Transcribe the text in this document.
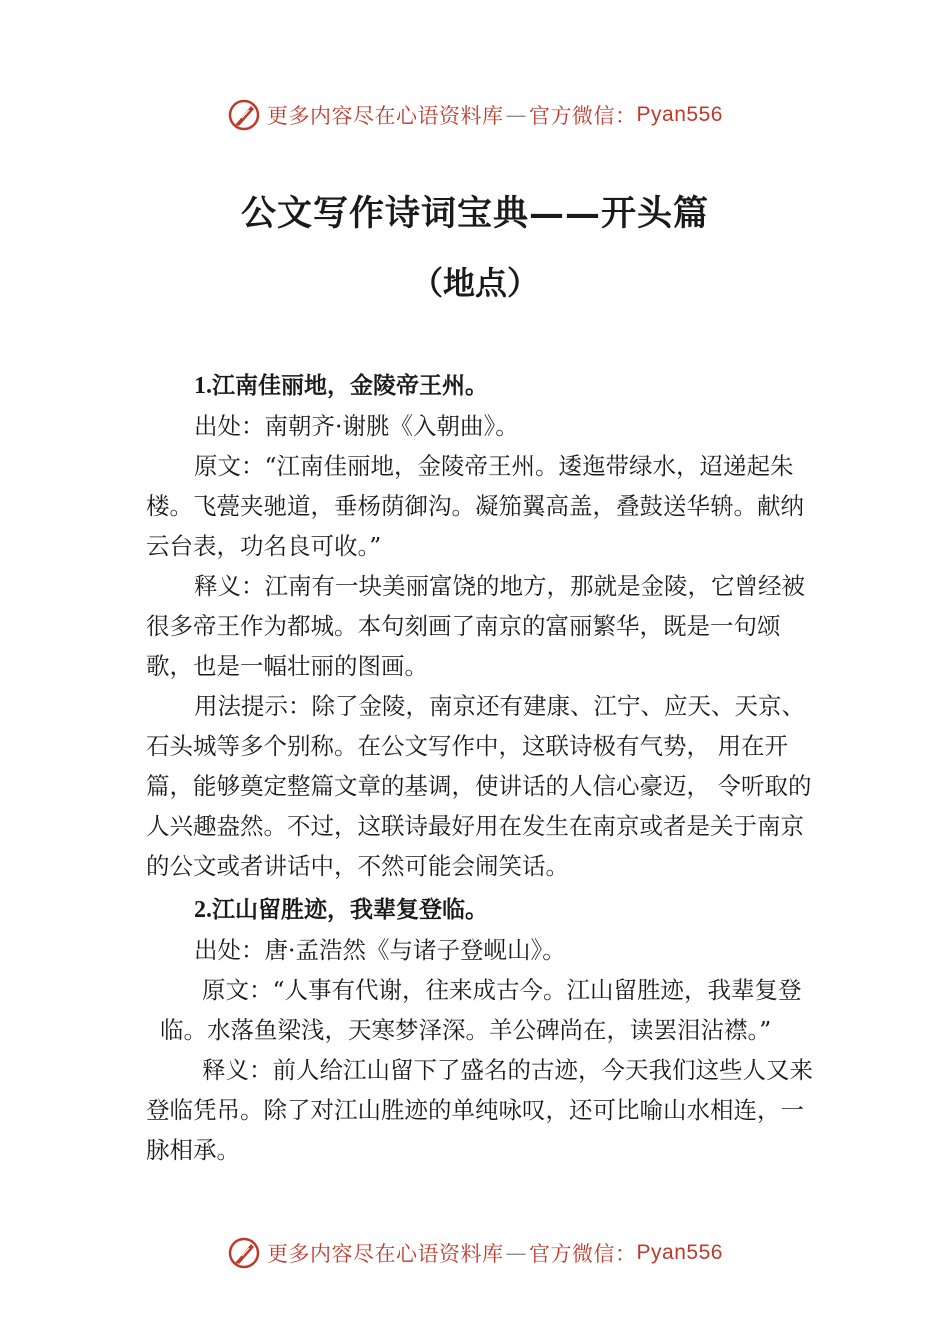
更多内容尽在心语资料库 — 官方微信： Pyan556
公文写作诗词宝典——开头篇
（地点）

1.江南佳丽地，金陵帝王州。

出处：南朝齐·谢朓《入朝曲》。

原文：“江南佳丽地，金陵帝王州。逶迤带绿水，迢递起朱楼。飞甍夹驰道，垂杨荫御沟。凝笳翼高盖，叠鼓送华辀。献纳云台表，功名良可收。”

释义：江南有一块美丽富饶的地方，那就是金陵，它曾经被很多帝王作为都城。本句刻画了南京的富丽繁华，既是一句颂歌，也是一幅壮丽的图画。

用法提示：除了金陵，南京还有建康、江宁、应天、天京、石头城等多个别称。在公文写作中，这联诗极有气势， 用在开篇，能够奠定整篇文章的基调，使讲话的人信心豪迈， 令听取的人兴趣盎然。不过，这联诗最好用在发生在南京或者是关于南京的公文或者讲话中，不然可能会闹笑话。

2.江山留胜迹，我辈复登临。

出处：唐·孟浩然《与诸子登岘山》。

原文：“人事有代谢，往来成古今。江山留胜迹，我辈复登临。水落鱼梁浅，天寒梦泽深。羊公碑尚在，读罢泪沾襟。”

释义：前人给江山留下了盛名的古迹，今天我们这些人又来登临凭吊。除了对江山胜迹的单纯咏叹，还可比喻山水相连，一脉相承。

更多内容尽在心语资料库 — 官方微信： Pyan556
